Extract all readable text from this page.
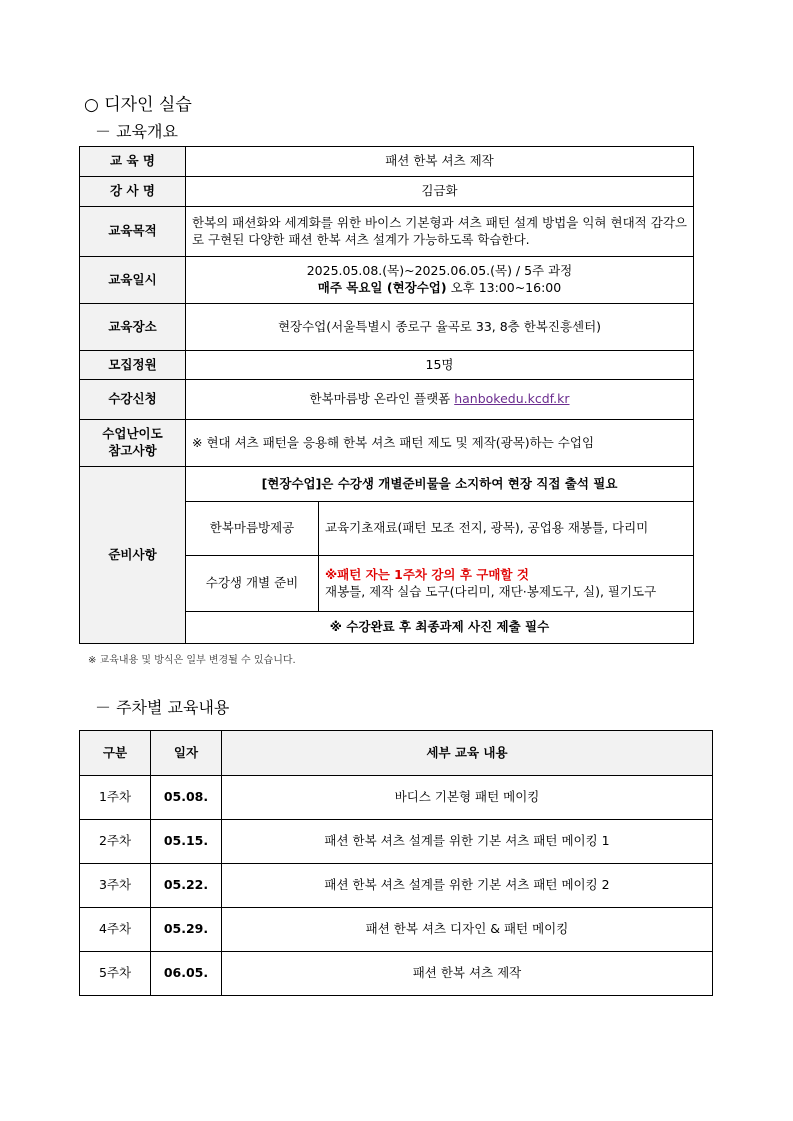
○ 디자인 실습
－ 교육개요
교 육 명	패션 한복 셔츠 제작	
강 사 명	김금화	
교육목적	한복의 패션화와 세계화를 위한 바이스 기본형과 셔츠 패턴 설계 방법을 익혀 현대적 감각으로 구현된 다양한 패션 한복 셔츠 설계가 가능하도록 학습한다.	
교육일시	2025.05.08.(목)~2025.06.05.(목) / 5주 과정
매주 목요일 (현장수업) 오후 13:00~16:00	

교육장소	현장수업(서울특별시 종로구 율곡로 33, 8층 한복진흥센터)	
모집정원	15명	
수강신청	한복마름방 온라인 플랫폼 hanbokedu.kcdf.kr	

수업난이도
참고사항	※ 현대 셔츠 패턴을 응용해 한복 셔츠 패턴 제도 및 제작(광목)하는 수업임	
준비사항	[현장수업]은 수강생 개별준비물을 소지하여 현장 직접 출석 필요	
	한복마름방제공	교육기초재료(패턴 모조 전지, 광목), 공업용 재봉틀, 다리미
	수강생 개별 준비	※패턴 자는 1주차 강의 후 구매할 것
재봉틀, 제작 실습 도구(다리미, 재단·봉제도구, 실), 필기도구

	※ 수강완료 후 최종과제 사진 제출 필수	
※ 교육내용 및 방식은 일부 변경될 수 있습니다.
－ 주차별 교육내용
구분	일자	세부 교육 내용
1주차	05.08.	바디스 기본형 패턴 메이킹
2주차	05.15.	패션 한복 셔츠 설계를 위한 기본 셔츠 패턴 메이킹 1
3주차	05.22.	패션 한복 셔츠 설계를 위한 기본 셔츠 패턴 메이킹 2
4주차	05.29.	패션 한복 셔츠 디자인 & 패턴 메이킹
5주차	06.05.	패션 한복 셔츠 제작
